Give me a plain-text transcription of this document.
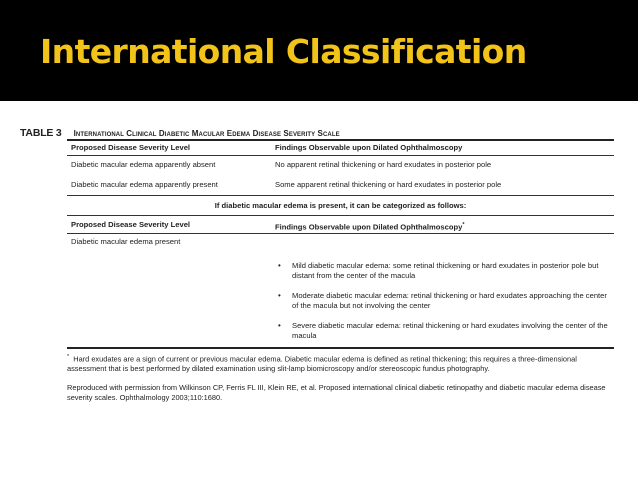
International Classification
TABLE 3 International Clinical Diabetic Macular Edema Disease Severity Scale
Proposed Disease Severity Level	Findings Observable upon Dilated Ophthalmoscopy
Diabetic macular edema apparently absent	No apparent retinal thickening or hard exudates in posterior pole
Diabetic macular edema apparently present	Some apparent retinal thickening or hard exudates in posterior pole
If diabetic macular edema is present, it can be categorized as follows:
Proposed Disease Severity Level	Findings Observable upon Dilated Ophthalmoscopy*
Diabetic macular edema present
• Mild diabetic macular edema: some retinal thickening or hard exudates in posterior pole but distant from the center of the macula
• Moderate diabetic macular edema: retinal thickening or hard exudates approaching the center of the macula but not involving the center
• Severe diabetic macular edema: retinal thickening or hard exudates involving the center of the macula
* Hard exudates are a sign of current or previous macular edema. Diabetic macular edema is defined as retinal thickening; this requires a three-dimensional assessment that is best performed by dilated examination using slit-lamp biomicroscopy and/or stereoscopic fundus photography.
Reproduced with permission from Wilkinson CP, Ferris FL III, Klein RE, et al. Proposed international clinical diabetic retinopathy and diabetic macular edema disease severity scales. Ophthalmology 2003;110:1680.
